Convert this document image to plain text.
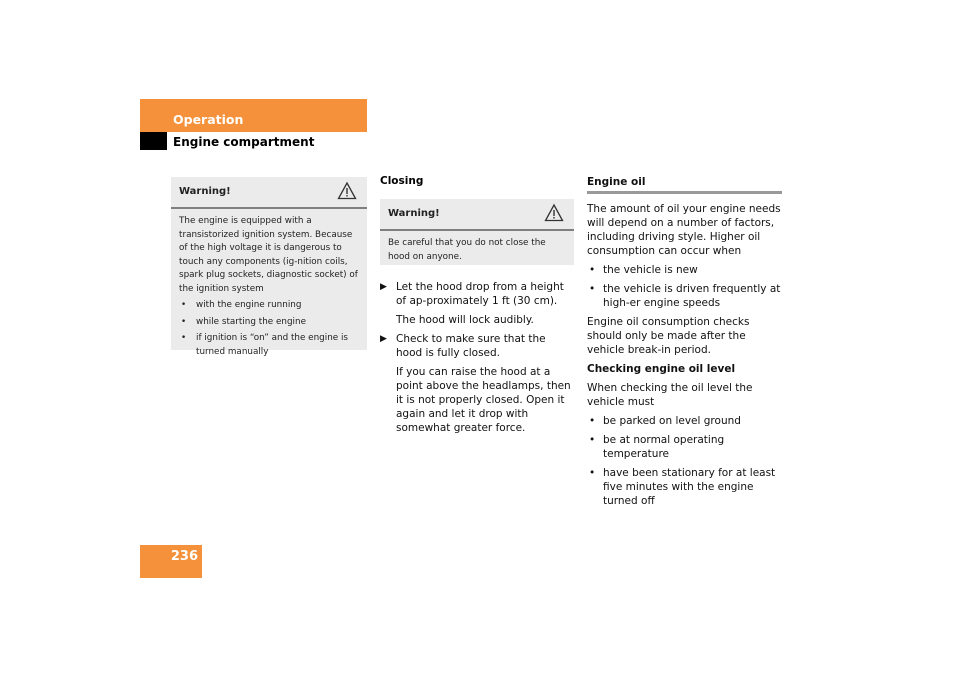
Operation
Engine compartment
Warning!
The engine is equipped with a transistorized ignition system. Because of the high voltage it is dangerous to touch any components (ig-nition coils, spark plug sockets, diagnostic socket) of the ignition system
• with the engine running
• while starting the engine
• if ignition is “on” and the engine is turned manually
Closing
Warning!
Be careful that you do not close the hood on anyone.

▶ Let the hood drop from a height of ap-proximately 1 ft (30 cm).

The hood will lock audibly.

▶ Check to make sure that the hood is fully closed.

If you can raise the hood at a point above the headlamps, then it is not properly closed. Open it again and let it drop with somewhat greater force.

Engine oil

The amount of oil your engine needs will depend on a number of factors, including driving style. Higher oil consumption can occur when

• the vehicle is new

• the vehicle is driven frequently at high-er engine speeds

Engine oil consumption checks should only be made after the vehicle break-in period.

Checking engine oil level

When checking the oil level the vehicle must

• be parked on level ground

• be at normal operating temperature

• have been stationary for at least five minutes with the engine turned off

236
